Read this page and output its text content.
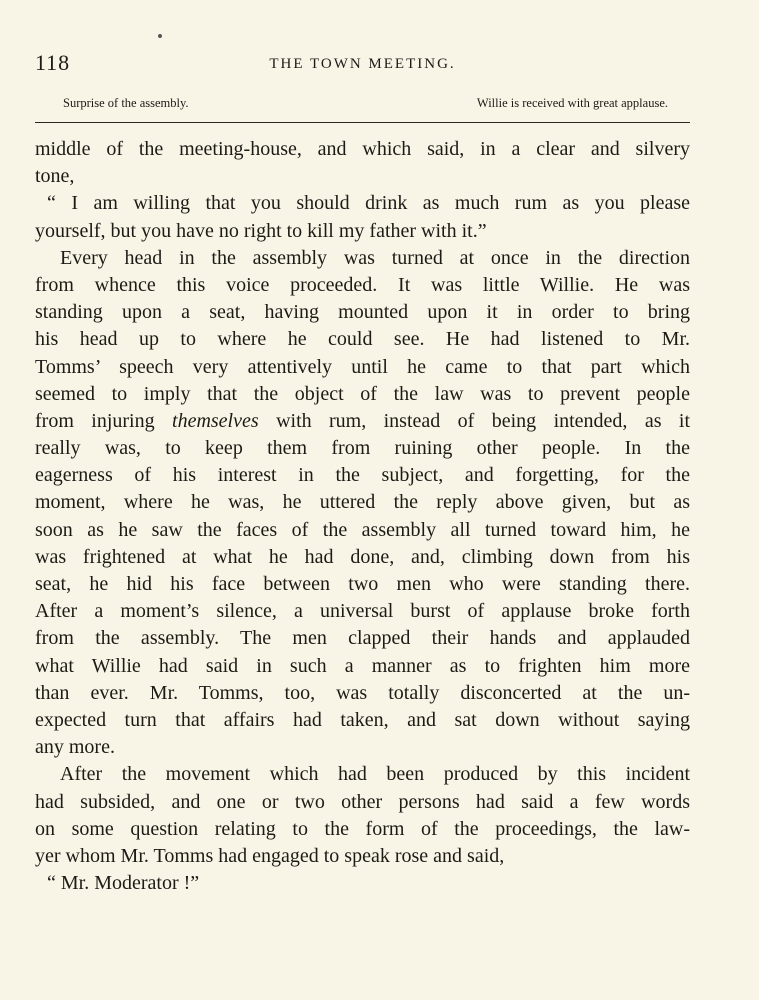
118	THE TOWN MEETING.
Surprise of the assembly.	Willie is received with great applause.
middle of the meeting-house, and which said, in a clear and silvery
tone,
“ I am willing that you should drink as much rum as you please
yourself, but you have no right to kill my father with it.”
Every head in the assembly was turned at once in the direction
from whence this voice proceeded. It was little Willie. He was
standing upon a seat, having mounted upon it in order to bring
his head up to where he could see. He had listened to Mr.
Tomms’ speech very attentively until he came to that part which
seemed to imply that the object of the law was to prevent people
from injuring themselves with rum, instead of being intended, as it
really was, to keep them from ruining other people. In the
eagerness of his interest in the subject, and forgetting, for the
moment, where he was, he uttered the reply above given, but as
soon as he saw the faces of the assembly all turned toward him, he
was frightened at what he had done, and, climbing down from his
seat, he hid his face between two men who were standing there.
After a moment’s silence, a universal burst of applause broke forth
from the assembly. The men clapped their hands and applauded
what Willie had said in such a manner as to frighten him more
than ever. Mr. Tomms, too, was totally disconcerted at the un-
expected turn that affairs had taken, and sat down without saying
any more.
After the movement which had been produced by this incident
had subsided, and one or two other persons had said a few words
on some question relating to the form of the proceedings, the law-
yer whom Mr. Tomms had engaged to speak rose and said,
“ Mr. Moderator !”
